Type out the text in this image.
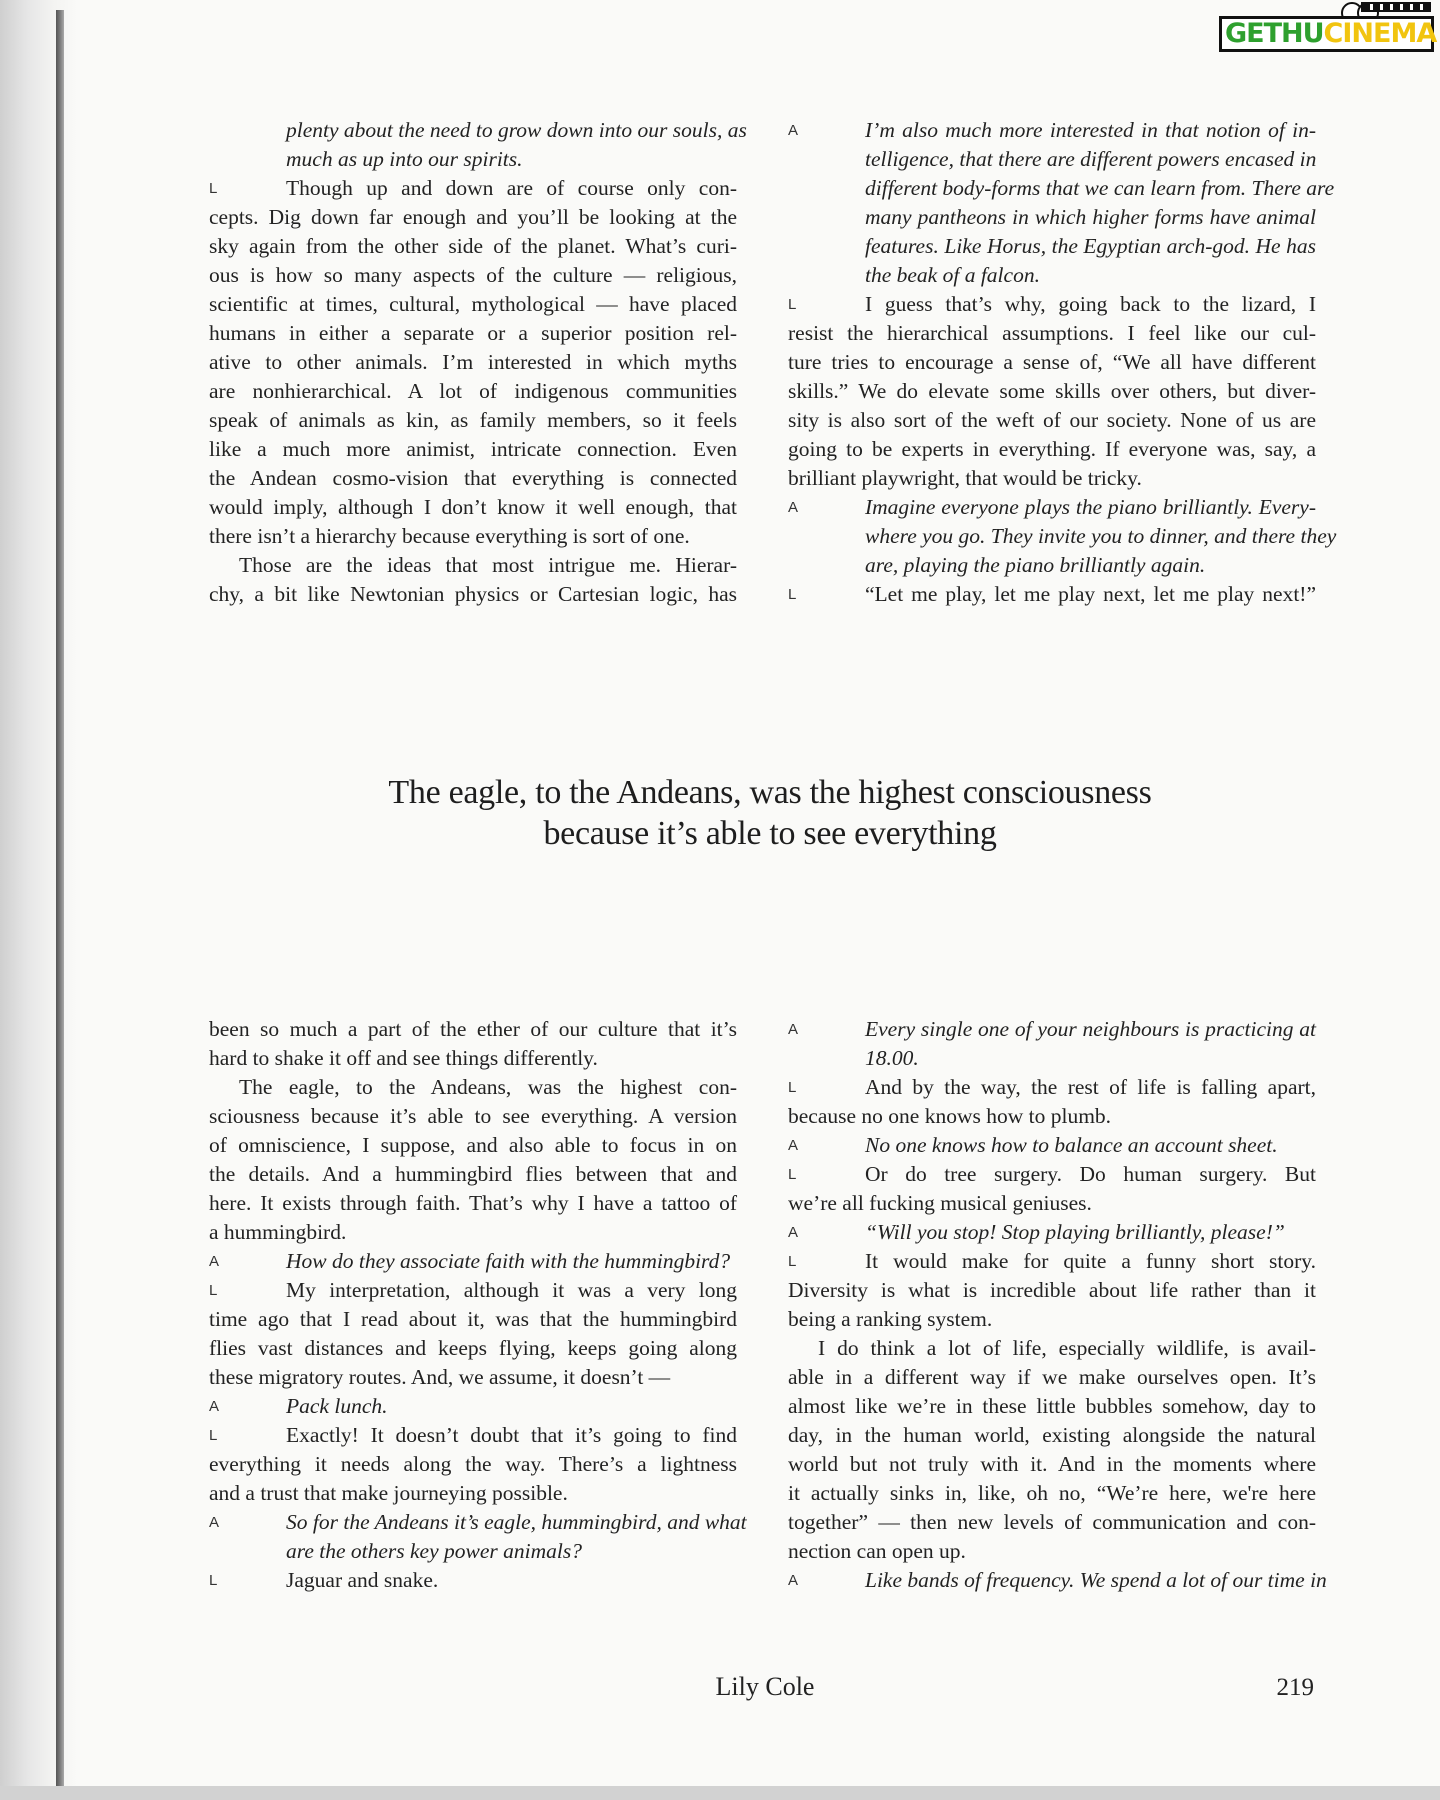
GETHUCINEMA
plenty about the need to grow down into our souls, as
much as up into our spirits.
L	Though up and down are of course only con-
cepts. Dig down far enough and you’ll be looking at the
sky again from the other side of the planet. What’s curi-
ous is how so many aspects of the culture — religious,
scientific at times, cultural, mythological — have placed
humans in either a separate or a superior position rel-
ative to other animals. I’m interested in which myths
are nonhierarchical. A lot of indigenous communities
speak of animals as kin, as family members, so it feels
like a much more animist, intricate connection. Even
the Andean cosmo-vision that everything is connected
would imply, although I don’t know it well enough, that
there isn’t a hierarchy because everything is sort of one.
Those are the ideas that most intrigue me. Hierar-
chy, a bit like Newtonian physics or Cartesian logic, has
A	I’m also much more interested in that notion of in-
telligence, that there are different powers encased in
different body-forms that we can learn from. There are
many pantheons in which higher forms have animal
features. Like Horus, the Egyptian arch-god. He has
the beak of a falcon.
L	I guess that’s why, going back to the lizard, I
resist the hierarchical assumptions. I feel like our cul-
ture tries to encourage a sense of, “We all have different
skills.” We do elevate some skills over others, but diver-
sity is also sort of the weft of our society. None of us are
going to be experts in everything. If everyone was, say, a
brilliant playwright, that would be tricky.
A	Imagine everyone plays the piano brilliantly. Every-
where you go. They invite you to dinner, and there they
are, playing the piano brilliantly again.
L	“Let me play, let me play next, let me play next!”
The eagle, to the Andeans, was the highest consciousness
because it’s able to see everything
been so much a part of the ether of our culture that it’s
hard to shake it off and see things differently.
The eagle, to the Andeans, was the highest con-
sciousness because it’s able to see everything. A version
of omniscience, I suppose, and also able to focus in on
the details. And a hummingbird flies between that and
here. It exists through faith. That’s why I have a tattoo of
a hummingbird.
A	How do they associate faith with the hummingbird?
L	My interpretation, although it was a very long
time ago that I read about it, was that the hummingbird
flies vast distances and keeps flying, keeps going along
these migratory routes. And, we assume, it doesn’t —
A	Pack lunch.
L	Exactly! It doesn’t doubt that it’s going to find
everything it needs along the way. There’s a lightness
and a trust that make journeying possible.
A	So for the Andeans it’s eagle, hummingbird, and what
are the others key power animals?
L	Jaguar and snake.
A	Every single one of your neighbours is practicing at
18.00.
L	And by the way, the rest of life is falling apart,
because no one knows how to plumb.
A	No one knows how to balance an account sheet.
L	Or do tree surgery. Do human surgery. But
we’re all fucking musical geniuses.
A	“Will you stop! Stop playing brilliantly, please!”
L	It would make for quite a funny short story.
Diversity is what is incredible about life rather than it
being a ranking system.
I do think a lot of life, especially wildlife, is avail-
able in a different way if we make ourselves open. It’s
almost like we’re in these little bubbles somehow, day to
day, in the human world, existing alongside the natural
world but not truly with it. And in the moments where
it actually sinks in, like, oh no, “We’re here, we're here
together” — then new levels of communication and con-
nection can open up.
A	Like bands of frequency. We spend a lot of our time in
Lily Cole	219
